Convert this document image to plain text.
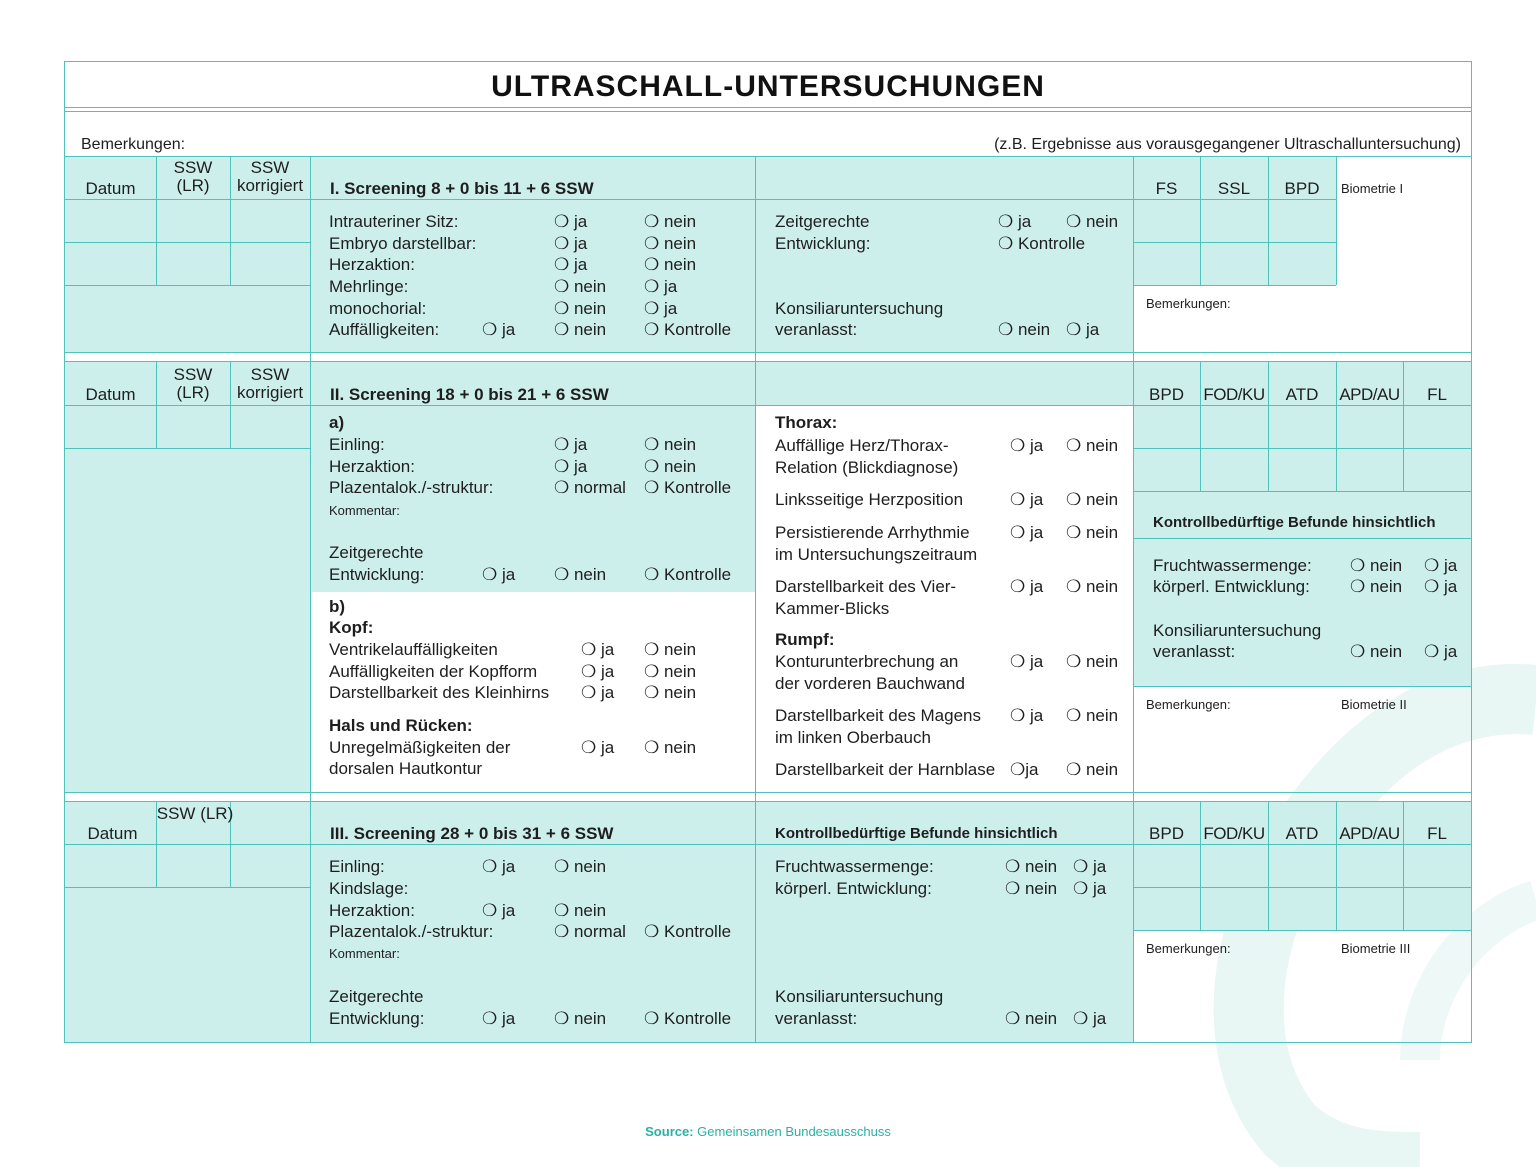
ULTRASCHALL-UNTERSUCHUNGEN
Bemerkungen:	(z.B. Ergebnisse aus vorausgegangener Ultraschalluntersuchung)
Datum
SSW (LR)
SSW korrigiert	I. Screening 8 + 0 bis 11 + 6 SSW
Intrauteriner Sitz:	❍ ja	❍ nein
Embryo darstellbar:	❍ ja	❍ nein
Herzaktion:	❍ ja	❍ nein
Mehrlinge:	❍ nein ❍ ja
monochorial:	❍ nein ❍ ja
Auffälligkeiten:	❍ ja ❍ nein ❍ Kontrolle
Zeitgerechte	❍ ja ❍ nein
Entwicklung:	❍ Kontrolle
Konsiliaruntersuchung
veranlasst:	❍ nein ❍ ja
FS	SSL	BPD	Biometrie I
Bemerkungen:
Datum
SSW (LR)
SSW korrigiert	II. Screening 18 + 0 bis 21 + 6 SSW
a)
Einling:	❍ ja	❍ nein
Herzaktion:	❍ ja	❍ nein
Plazentalok./-struktur:	❍ normal ❍ Kontrolle
Kommentar:
Zeitgerechte
Entwicklung:	❍ ja ❍ nein ❍ Kontrolle
b)
Kopf:
Ventrikelauffälligkeiten	❍ ja ❍ nein
Auffälligkeiten der Kopfform	❍ ja ❍ nein
Darstellbarkeit des Kleinhirns ❍ ja ❍ nein
Hals und Rücken:
Unregelmäßigkeiten der
dorsalen Hautkontur
❍ ja ❍ nein
Thorax:
Auffällige Herz/Thorax-
Relation (Blickdiagnose)
❍ ja ❍ nein
Linksseitige Herzposition	❍ ja ❍ nein
Persistierende Arrhythmie
im Untersuchungszeitraum
❍ ja ❍ nein
Darstellbarkeit des Vier-
Kammer-Blicks
❍ ja ❍ nein
Rumpf:
Konturunterbrechung an
der vorderen Bauchwand
❍ ja ❍ nein
Darstellbarkeit des Magens
im linken Oberbauch
❍ ja ❍ nein
Darstellbarkeit der Harnblase ❍ja ❍ nein
BPD	FOD/KU	ATD	APD/AU	FL
Kontrollbedürftige Befunde hinsichtlich
Fruchtwassermenge: ❍ nein ❍ ja
körperl. Entwicklung: ❍ nein ❍ ja
Konsiliaruntersuchung
veranlasst:	❍ nein ❍ ja
Bemerkungen:	Biometrie II
Datum
SSW (LR)
III. Screening 28 + 0 bis 31 + 6 SSW
Einling:	❍ ja ❍ nein
Kindslage:
Herzaktion:	❍ ja ❍ nein
Plazentalok./-struktur:	❍ normal ❍ Kontrolle
Kommentar:
Zeitgerechte
Entwicklung:	❍ ja ❍ nein ❍ Kontrolle
Kontrollbedürftige Befunde hinsichtlich
Fruchtwassermenge:	❍ nein ❍ ja
körperl. Entwicklung:	❍ nein ❍ ja
Konsiliaruntersuchung
veranlasst:	❍ nein ❍ ja
BPD	FOD/KU	ATD	APD/AU	FL
Bemerkungen:	Biometrie III
Source: Gemeinsamen Bundesausschuss
